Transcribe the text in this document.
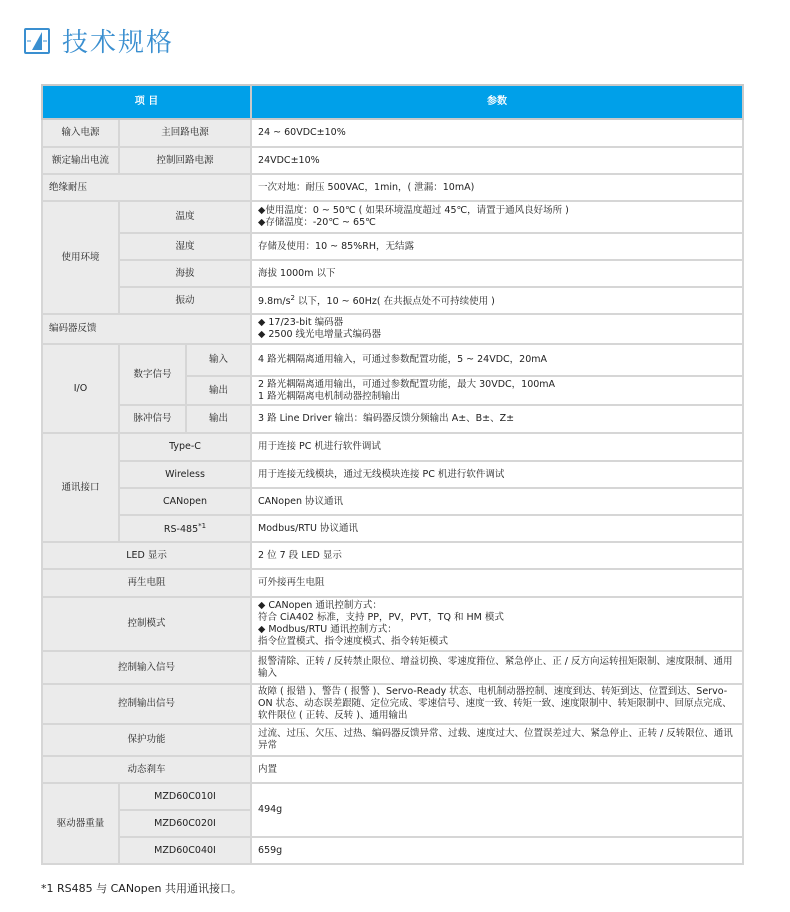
技术规格
项 目			参数
输入电源	主回路电源		24 ~ 60VDC±10%
额定输出电流	控制回路电源		24VDC±10%
绝缘耐压			一次对地：耐压 500VAC，1min，( 泄漏：10mA)
使用环境	温度		◆使用温度：0 ~ 50℃ ( 如果环境温度超过 45℃，请置于通风良好场所 )
◆存储温度：-20℃ ~ 65℃

	湿度		存储及使用：10 ~ 85%RH，无结露
	海拔		海拔 1000m 以下
	振动		$9.8m/s^2$ 以下，10 ~ 60Hz( 在共振点处不可持续使用 )
编码器反馈			◆ 17/23-bit 编码器
◆ 2500 线光电增量式编码器

I/O	数字信号	输入	4 路光耦隔离通用输入，可通过参数配置功能，5 ~ 24VDC，20mA
		输出	2 路光耦隔离通用输出，可通过参数配置功能，最大 30VDC，100mA
1 路光耦隔离电机制动器控制输出

	脉冲信号	输出	3 路 Line Driver 输出：编码器反馈分频输出 A±、B±、Z±
通讯接口	Type-C		用于连接 PC 机进行软件调试
	Wireless		用于连接无线模块，通过无线模块连接 PC 机进行软件调试
	CANopen		CANopen 协议通讯
	RS-485$^{*1}$		Modbus/RTU 协议通讯
LED 显示			2 位 7 段 LED 显示
再生电阻			可外接再生电阻
控制模式			◆ CANopen 通讯控制方式：
符合 CiA402 标准，支持 PP，PV，PVT，TQ 和 HM 模式
◆ Modbus/RTU 通讯控制方式：
指令位置模式、指令速度模式、指令转矩模式

控制输入信号			报警清除、正转 / 反转禁止限位、增益切换、零速度箝位、紧急停止、正 / 反方向运转扭矩限制、速度限制、通用输入
控制输出信号			故障 ( 报错 )、警告 ( 报警 )、Servo-Ready 状态、电机制动器控制、速度到达、转矩到达、位置到达、Servo-ON 状态、动态误差跟随、定位完成、零速信号、速度一致、转矩一致、速度限制中、转矩限制中、回原点完成、软件限位 ( 正转、反转 )、通用输出
保护功能			过流、过压、欠压、过热、编码器反馈异常、过载、速度过大、位置误差过大、紧急停止、正转 / 反转限位、通讯异常
动态刹车			内置
驱动器重量	MZD60C010I		494g
	MZD60C020I		
	MZD60C040I		659g
*1 RS485 与 CANopen 共用通讯接口。
